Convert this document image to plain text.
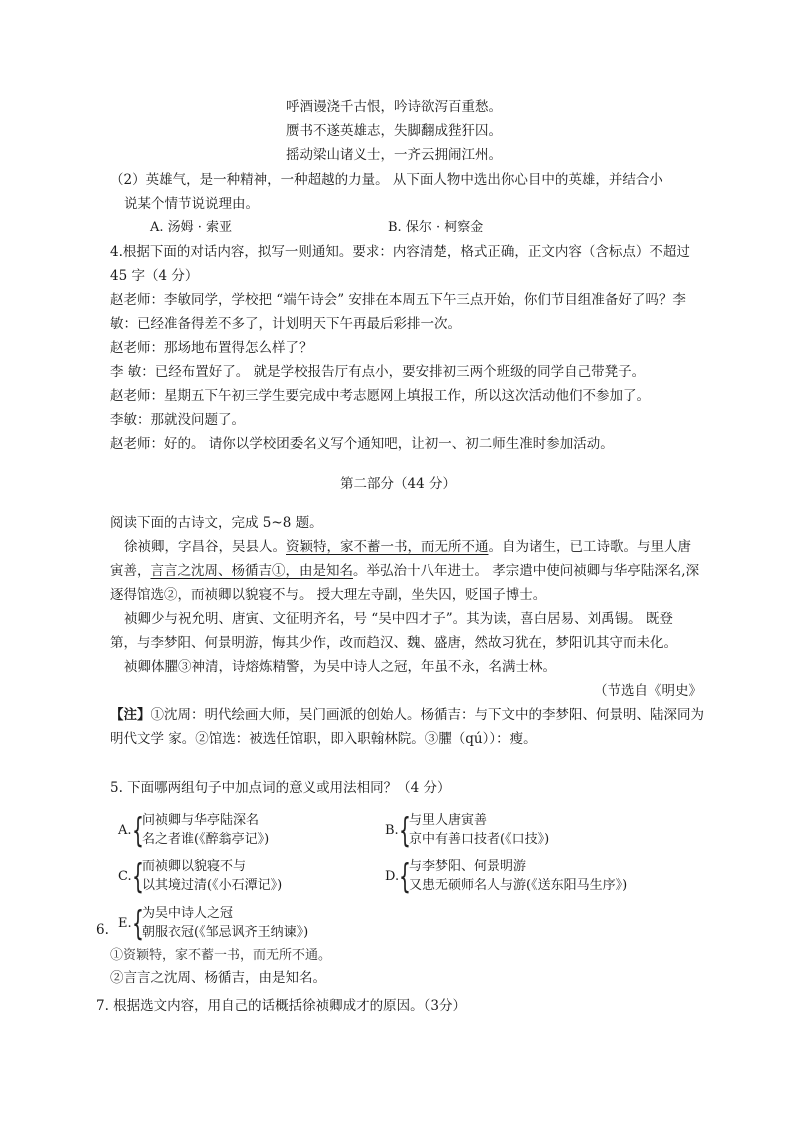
呼酒谩浇千古恨，吟诗欲泻百重愁。
赝书不遂英雄志，失脚翻成狴犴囚。
摇动梁山诸义士，一齐云拥闹江州。
（2）英雄气，是一种精神，一种超越的力量。 从下面人物中选出你心目中的英雄，并结合小
说某个情节说说理由。
A. 汤姆 · 索亚	B. 保尔 · 柯察金
4.根据下面的对话内容，拟写一则通知。要求：内容清楚，格式正确，正文内容（含标点）不超过
45 字（4 分）
赵老师：李敏同学，学校把 “端午诗会” 安排在本周五下午三点开始，你们节目组准备好了吗？李
敏：已经准备得差不多了，计划明天下午再最后彩排一次。
赵老师：那场地布置得怎么样了？
李 敏：已经布置好了。 就是学校报告厅有点小，要安排初三两个班级的同学自己带凳子。
赵老师：星期五下午初三学生要完成中考志愿网上填报工作，所以这次活动他们不参加了。
李敏：那就没问题了。
赵老师：好的。 请你以学校团委名义写个通知吧，让初一、初二师生准时参加活动。
第二部分（44 分）
阅读下面的古诗文，完成 5~8 题。
徐祯卿，字昌谷，吴县人。资颖特，家不蓄一书，而无所不通。自为诸生，已工诗歌。与里人唐
寅善，言言之沈周、杨循吉①，由是知名。举弘治十八年进士。 孝宗遣中使问祯卿与华亭陆深名,深
逐得馆选②，而祯卿以貌寝不与。 授大理左寺副，坐失囚，贬国子博士。
祯卿少与祝允明、唐寅、文征明齐名，号 “吴中四才子”。其为读，喜白居易、刘禹锡。 既登
第，与李梦阳、何景明游，悔其少作，改而趋汉、魏、盛唐，然故习犹在，梦阳讥其守而未化。
祯卿体臞③神清，诗熔炼精警，为吴中诗人之冠，年虽不永，名满士林。
（节选自《明史》
【注】①沈周：明代绘画大师，吴门画派的创始人。杨循吉：与下文中的李梦阳、何景明、陆深同为
明代文学 家。②馆选：被选任馆职，即入职翰林院。③臞（qú））：瘦。
5. 下面哪两组句子中加点词的意义或用法相同？（4 分）
A. {
问祯卿与华亭陆深名
名之者谁(《醉翁亭记》)
B. {
与里人唐寅善
京中有善口技者(《口技》)
C. {
而祯卿以貌寝不与
以其境过清(《小石潭记》)
D. {
与李梦阳、何景明游
又患无硕师名人与游(《送东阳马生序》)
6. E. {
为吴中诗人之冠
朝服衣冠(《邹忌讽齐王纳谏》)
①资颖特，家不蓄一书，而无所不通。
②言言之沈周、杨循吉，由是知名。
7. 根据选文内容，用自己的话概括徐祯卿成才的原因。（3分）
